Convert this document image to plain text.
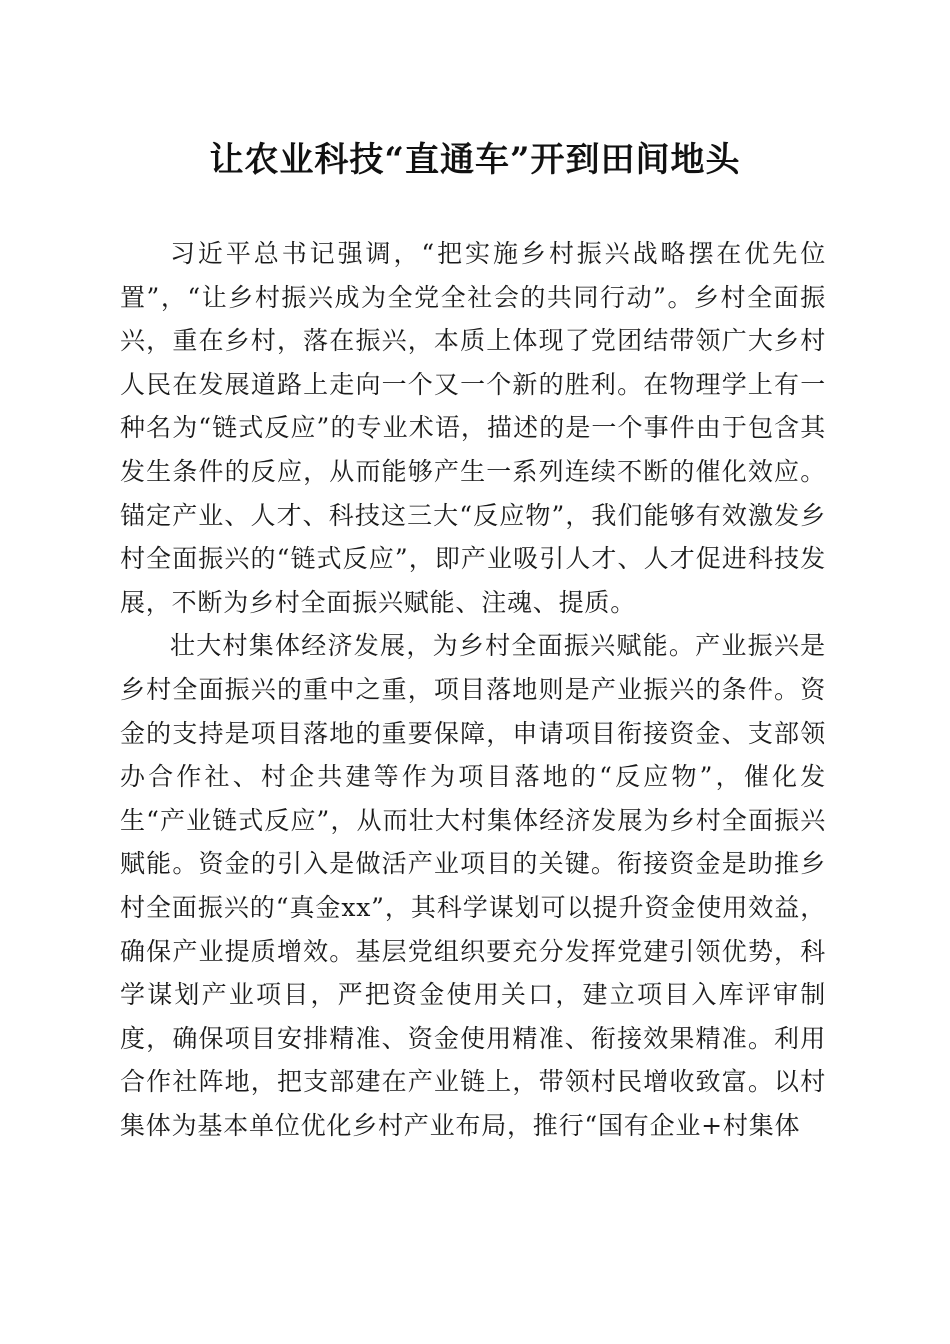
让农业科技“直通车”开到田间地头

习近平总书记强调，“把实施乡村振兴战略摆在优先位置”，“让乡村振兴成为全党全社会的共同行动”。乡村全面振兴，重在乡村，落在振兴，本质上体现了党团结带领广大乡村人民在发展道路上走向一个又一个新的胜利。在物理学上有一种名为“链式反应”的专业术语，描述的是一个事件由于包含其发生条件的反应，从而能够产生一系列连续不断的催化效应。锚定产业、人才、科技这三大“反应物”，我们能够有效激发乡村全面振兴的“链式反应”，即产业吸引人才、人才促进科技发展，不断为乡村全面振兴赋能、注魂、提质。

壮大村集体经济发展，为乡村全面振兴赋能。产业振兴是乡村全面振兴的重中之重，项目落地则是产业振兴的条件。资金的支持是项目落地的重要保障，申请项目衔接资金、支部领办合作社、村企共建等作为项目落地的“反应物”，催化发生“产业链式反应”，从而壮大村集体经济发展为乡村全面振兴赋能。资金的引入是做活产业项目的关键。衔接资金是助推乡村全面振兴的“真金xx”，其科学谋划可以提升资金使用效益，确保产业提质增效。基层党组织要充分发挥党建引领优势，科学谋划产业项目，严把资金使用关口，建立项目入库评审制度，确保项目安排精准、资金使用精准、衔接效果精准。利用合作社阵地，把支部建在产业链上，带领村民增收致富。以村集体为基本单位优化乡村产业布局，推行“国有企业+村集体
